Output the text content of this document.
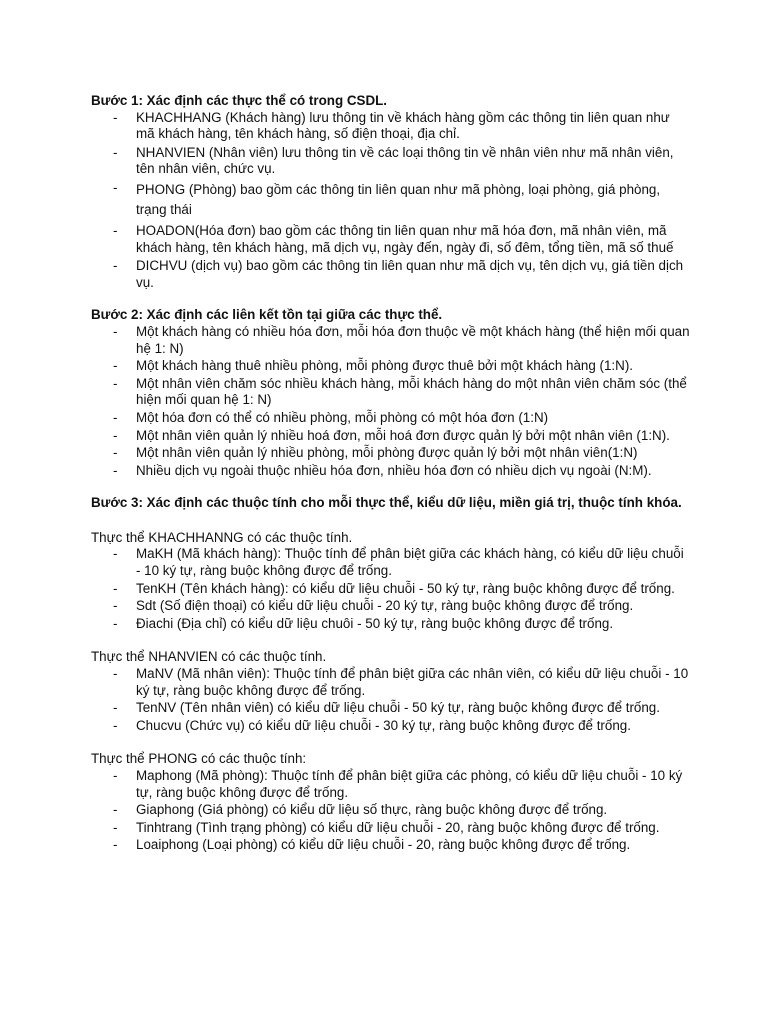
Bước 1: Xác định các thực thể có trong CSDL.

- KHACHHANG (Khách hàng) lưu thông tin về khách hàng gồm các thông tin liên quan như mã khách hàng, tên khách hàng, số điện thoại, địa chỉ.
- NHANVIEN (Nhân viên) lưu thông tin về các loại thông tin về nhân viên như mã nhân viên, tên nhân viên, chức vụ.
- PHONG (Phòng) bao gồm các thông tin liên quan như mã phòng, loại phòng, giá phòng, trạng thái
- HOADON(Hóa đơn) bao gồm các thông tin liên quan như mã hóa đơn, mã nhân viên, mã khách hàng, tên khách hàng, mã dịch vụ, ngày đến, ngày đi, số đêm, tổng tiền, mã số thuế
- DICHVU (dịch vụ) bao gồm các thông tin liên quan như mã dịch vụ, tên dịch vụ, giá tiền dịch vụ.

Bước 2: Xác định các liên kết tồn tại giữa các thực thể.

- Một khách hàng có nhiều hóa đơn, mỗi hóa đơn thuộc về một khách hàng (thể hiện mối quan hệ 1: N)
- Một khách hàng thuê nhiều phòng, mỗi phòng được thuê bởi một khách hàng (1:N).
- Một nhân viên chăm sóc nhiều khách hàng, mỗi khách hàng do một nhân viên chăm sóc (thể hiện mối quan hệ 1: N)
- Một hóa đơn có thể có nhiều phòng, mỗi phòng có một hóa đơn (1:N)
- Một nhân viên quản lý nhiều hoá đơn, mỗi hoá đơn được quản lý bởi một nhân viên (1:N).
- Một nhân viên quản lý nhiều phòng, mỗi phòng được quản lý bởi một nhân viên(1:N)
- Nhiều dịch vụ ngoài thuộc nhiều hóa đơn, nhiều hóa đơn có nhiều dịch vụ ngoài (N:M).

Bước 3: Xác định các thuộc tính cho mỗi thực thể, kiểu dữ liệu, miền giá trị, thuộc tính khóa.

Thực thể KHACHHANNG có các thuộc tính.

- MaKH (Mã khách hàng): Thuộc tính để phân biệt giữa các khách hàng, có kiểu dữ liệu chuỗi - 10 ký tự, ràng buộc không được để trống.
- TenKH (Tên khách hàng): có kiểu dữ liệu chuỗi - 50 ký tự, ràng buộc không được để trống.
- Sdt (Số điện thoại) có kiểu dữ liệu chuỗi - 20 ký tự, ràng buộc không được để trống.
- Điachi (Địa chỉ) có kiểu dữ liệu chuôi - 50 ký tự, ràng buộc không được để trống.

Thực thể NHANVIEN có các thuộc tính.

- MaNV (Mã nhân viên): Thuộc tính để phân biệt giữa các nhân viên, có kiểu dữ liệu chuỗi - 10 ký tự, ràng buộc không được để trống.
- TenNV (Tên nhân viên) có kiểu dữ liệu chuỗi - 50 ký tự, ràng buộc không được để trống.
- Chucvu (Chức vụ) có kiểu dữ liệu chuỗi - 30 ký tự, ràng buộc không được để trống.

Thực thể PHONG có các thuộc tính:

- Maphong (Mã phòng): Thuộc tính để phân biệt giữa các phòng, có kiểu dữ liệu chuỗi - 10 ký tự, ràng buộc không được để trống.
- Giaphong (Giá phòng) có kiểu dữ liệu số thực, ràng buộc không được để trống.
- Tinhtrang (Tình trạng phòng) có kiểu dữ liệu chuỗi - 20, ràng buộc không được để trống.
- Loaiphong (Loại phòng) có kiểu dữ liệu chuỗi - 20, ràng buộc không được để trống.
